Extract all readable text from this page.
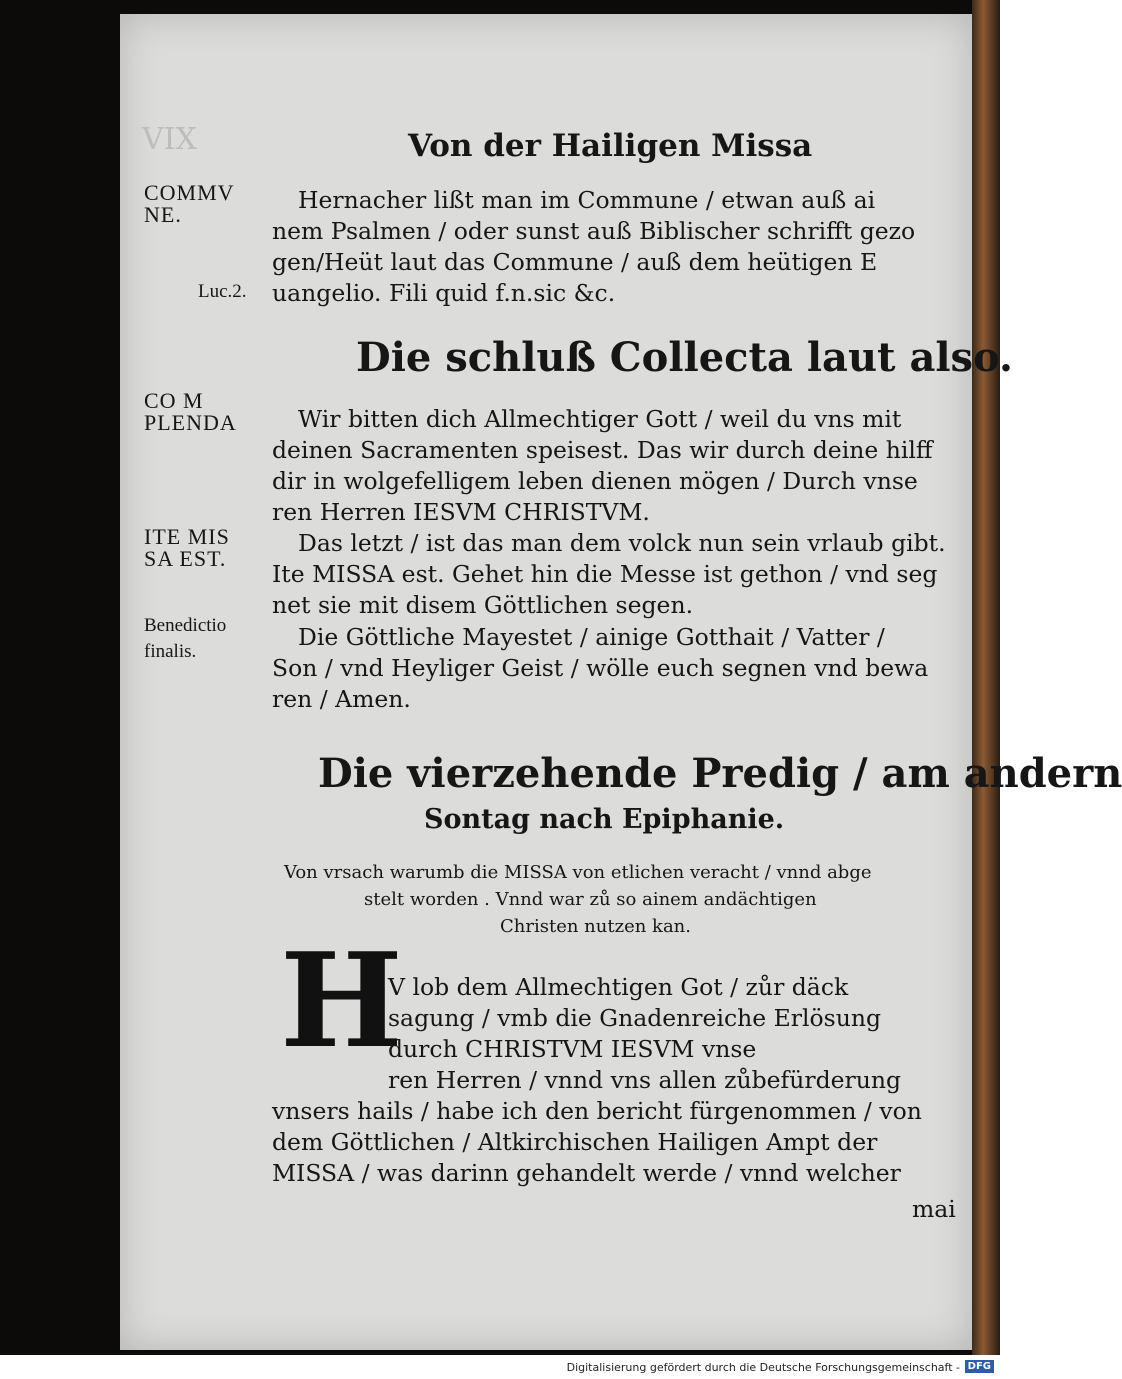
VIX	Von der Hailigen Missa
COMMV
NE.
Luc.2.
Hernacher lißt man im Commune / etwan auß ai
nem Psalmen / oder sunst auß Biblischer schrifft gezo
gen/Heüt laut das Commune / auß dem heütigen E
uangelio. Fili quid f.n.sic &c.
Die schluß Collecta laut also.
CO M
PLENDA	Wir bitten dich Allmechtiger Gott / weil du vns mit
deinen Sacramenten speisest. Das wir durch deine hilff
dir in wolgefelligem leben dienen mögen / Durch vnse
ren Herren IESVM CHRISTVM.
ITE MIS
SA EST.
Das letzt / ist das man dem volck nun sein vrlaub gibt.
Ite MISSA est. Gehet hin die Messe ist gethon / vnd seg
net sie mit disem Göttlichen segen.
Benedictio
finalis.
Die Göttliche Mayestet / ainige Gotthait / Vatter /
Son / vnd Heyliger Geist / wölle euch segnen vnd bewa
ren / Amen.
Die vierzehende Predig / am andern
Sontag nach Epiphanie.
Von vrsach warumb die MISSA von etlichen veracht / vnnd abge
stelt worden . Vnnd war zů so ainem andächtigen
Christen nutzen kan.
H
V lob dem Allmechtigen Got / zůr däck
sagung / vmb die Gnadenreiche Erlösung
durch CHRISTVM IESVM vnse
ren Herren / vnnd vns allen zůbefürderung
vnsers hails / habe ich den bericht fürgenommen / von
dem Göttlichen / Altkirchischen Hailigen Ampt der
MISSA / was darinn gehandelt werde / vnnd welcher
mai
Digitalisierung gefördert durch die Deutsche Forschungsgemeinschaft - DFG
